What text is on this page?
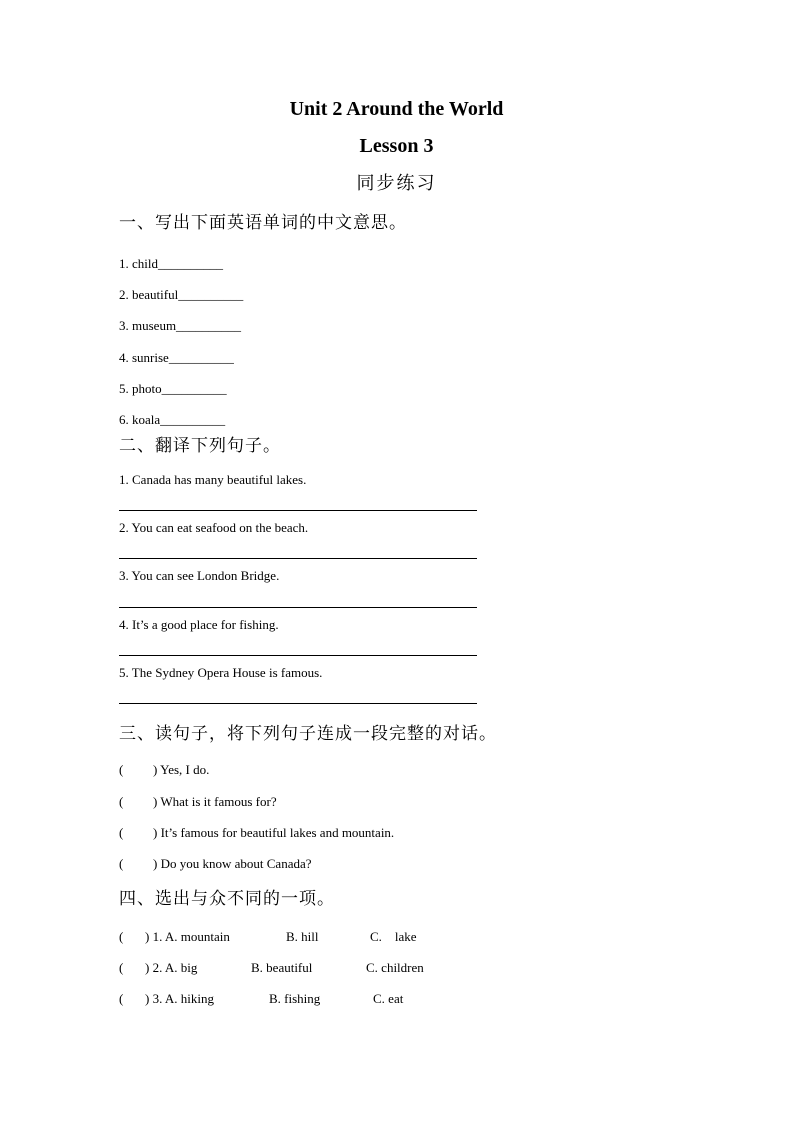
Unit 2 Around the World
Lesson 3
同步练习
一、写出下面英语单词的中文意思。
1. child__________
2. beautiful__________
3. museum__________
4. sunrise__________
5. photo__________
6. koala__________
二、翻译下列句子。
1. Canada has many beautiful lakes.
2. You can eat seafood on the beach.
3. You can see London Bridge.
4. It’s a good place for fishing.
5. The Sydney Opera House is famous.
三、读句子，将下列句子连成一段完整的对话。
( ) Yes, I do.
( ) What is it famous for?
( ) It’s famous for beautiful lakes and mountain.
( ) Do you know about Canada?
四、选出与众不同的一项。
( ) 1. A. mountain	B. hill	C.    lake
( ) 2. A. big	B. beautiful	C. children
( ) 3. A. hiking	B. fishing	C. eat
